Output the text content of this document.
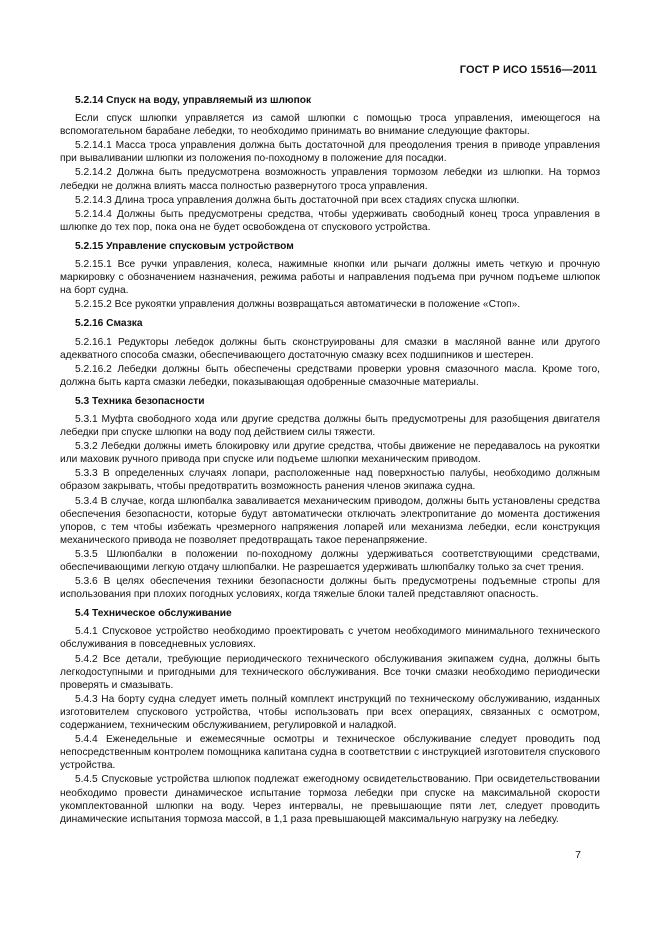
ГОСТ Р ИСО 15516—2011

5.2.14 Спуск на воду, управляемый из шлюпок

Если спуск шлюпки управляется из самой шлюпки с помощью троса управления, имеющегося на вспомогательном барабане лебедки, то необходимо принимать во внимание следующие факторы.

5.2.14.1 Масса троса управления должна быть достаточной для преодоления трения в приводе управления при вываливании шлюпки из положения по-походному в положение для посадки.

5.2.14.2 Должна быть предусмотрена возможность управления тормозом лебедки из шлюпки. На тормоз лебедки не должна влиять масса полностью развернутого троса управления.

5.2.14.3 Длина троса управления должна быть достаточной при всех стадиях спуска шлюпки.

5.2.14.4 Должны быть предусмотрены средства, чтобы удерживать свободный конец троса управления в шлюпке до тех пор, пока она не будет освобождена от спускового устройства.

5.2.15 Управление спусковым устройством

5.2.15.1 Все ручки управления, колеса, нажимные кнопки или рычаги должны иметь четкую и прочную маркировку с обозначением назначения, режима работы и направления подъема при ручном подъеме шлюпок на борт судна.

5.2.15.2 Все рукоятки управления должны возвращаться автоматически в положение «Стоп».

5.2.16 Смазка

5.2.16.1 Редукторы лебедок должны быть сконструированы для смазки в масляной ванне или другого адекватного способа смазки, обеспечивающего достаточную смазку всех подшипников и шестерен.

5.2.16.2 Лебедки должны быть обеспечены средствами проверки уровня смазочного масла. Кроме того, должна быть карта смазки лебедки, показывающая одобренные смазочные материалы.

5.3 Техника безопасности

5.3.1 Муфта свободного хода или другие средства должны быть предусмотрены для разобщения двигателя лебедки при спуске шлюпки на воду под действием силы тяжести.

5.3.2 Лебедки должны иметь блокировку или другие средства, чтобы движение не передавалось на рукоятки или маховик ручного привода при спуске или подъеме шлюпки механическим приводом.

5.3.3 В определенных случаях лопари, расположенные над поверхностью палубы, необходимо должным образом закрывать, чтобы предотвратить возможность ранения членов экипажа судна.

5.3.4 В случае, когда шлюпбалка заваливается механическим приводом, должны быть установлены средства обеспечения безопасности, которые будут автоматически отключать электропитание до момента достижения упоров, с тем чтобы избежать чрезмерного напряжения лопарей или механизма лебедки, если конструкция механического привода не позволяет предотвращать такое перенапряжение.

5.3.5 Шлюпбалки в положении по-походному должны удерживаться соответствующими средствами, обеспечивающими легкую отдачу шлюпбалки. Не разрешается удерживать шлюпбалку только за счет трения.

5.3.6 В целях обеспечения техники безопасности должны быть предусмотрены подъемные стропы для использования при плохих погодных условиях, когда тяжелые блоки талей представляют опасность.

5.4 Техническое обслуживание

5.4.1 Спусковое устройство необходимо проектировать с учетом необходимого минимального технического обслуживания в повседневных условиях.

5.4.2 Все детали, требующие периодического технического обслуживания экипажем судна, должны быть легкодоступными и пригодными для технического обслуживания. Все точки смазки необходимо периодически проверять и смазывать.

5.4.3 На борту судна следует иметь полный комплект инструкций по техническому обслуживанию, изданных изготовителем спускового устройства, чтобы использовать при всех операциях, связанных с осмотром, содержанием, техническим обслуживанием, регулировкой и наладкой.

5.4.4 Еженедельные и ежемесячные осмотры и техническое обслуживание следует проводить под непосредственным контролем помощника капитана судна в соответствии с инструкцией изготовителя спускового устройства.

5.4.5 Спусковые устройства шлюпок подлежат ежегодному освидетельствованию. При освидетельствовании необходимо провести динамическое испытание тормоза лебедки при спуске на максимальной скорости укомплектованной шлюпки на воду. Через интервалы, не превышающие пяти лет, следует проводить динамические испытания тормоза массой, в 1,1 раза превышающей максимальную нагрузку на лебедку.

7
